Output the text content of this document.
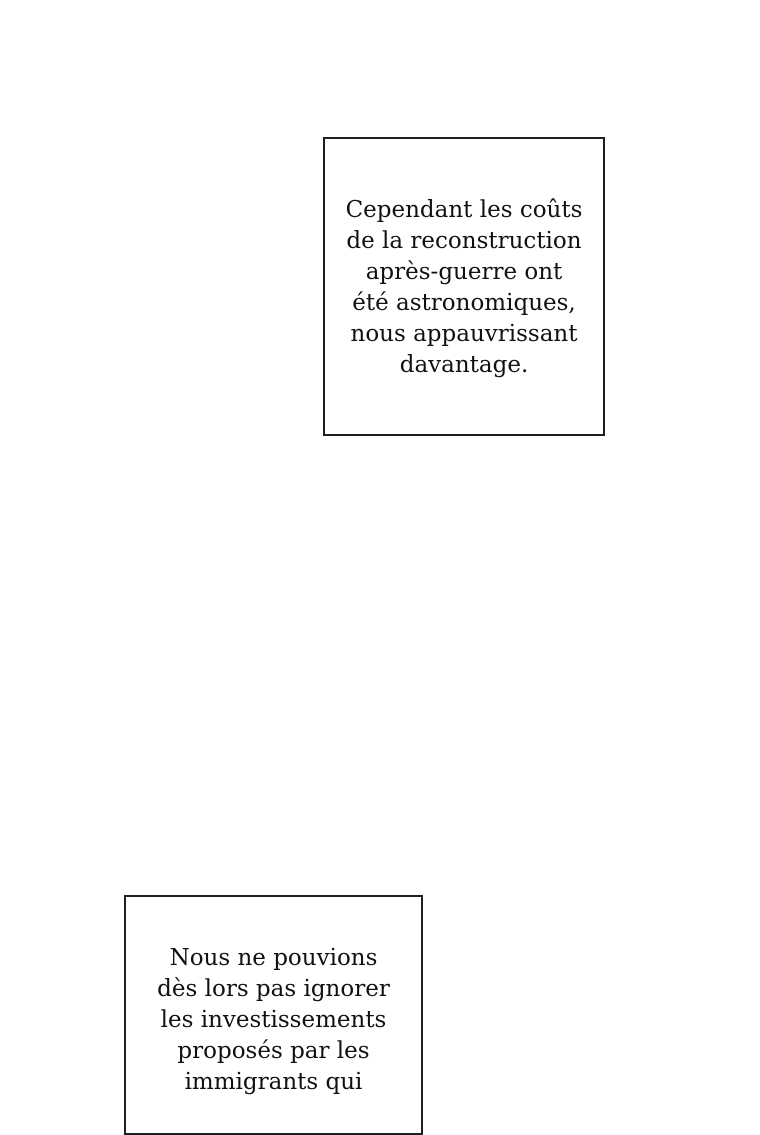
Cependant les coûts
de la reconstruction
après-guerre ont
été astronomiques,
nous appauvrissant
davantage.
Nous ne pouvions
dès lors pas ignorer
les investissements
proposés par les
immigrants qui
